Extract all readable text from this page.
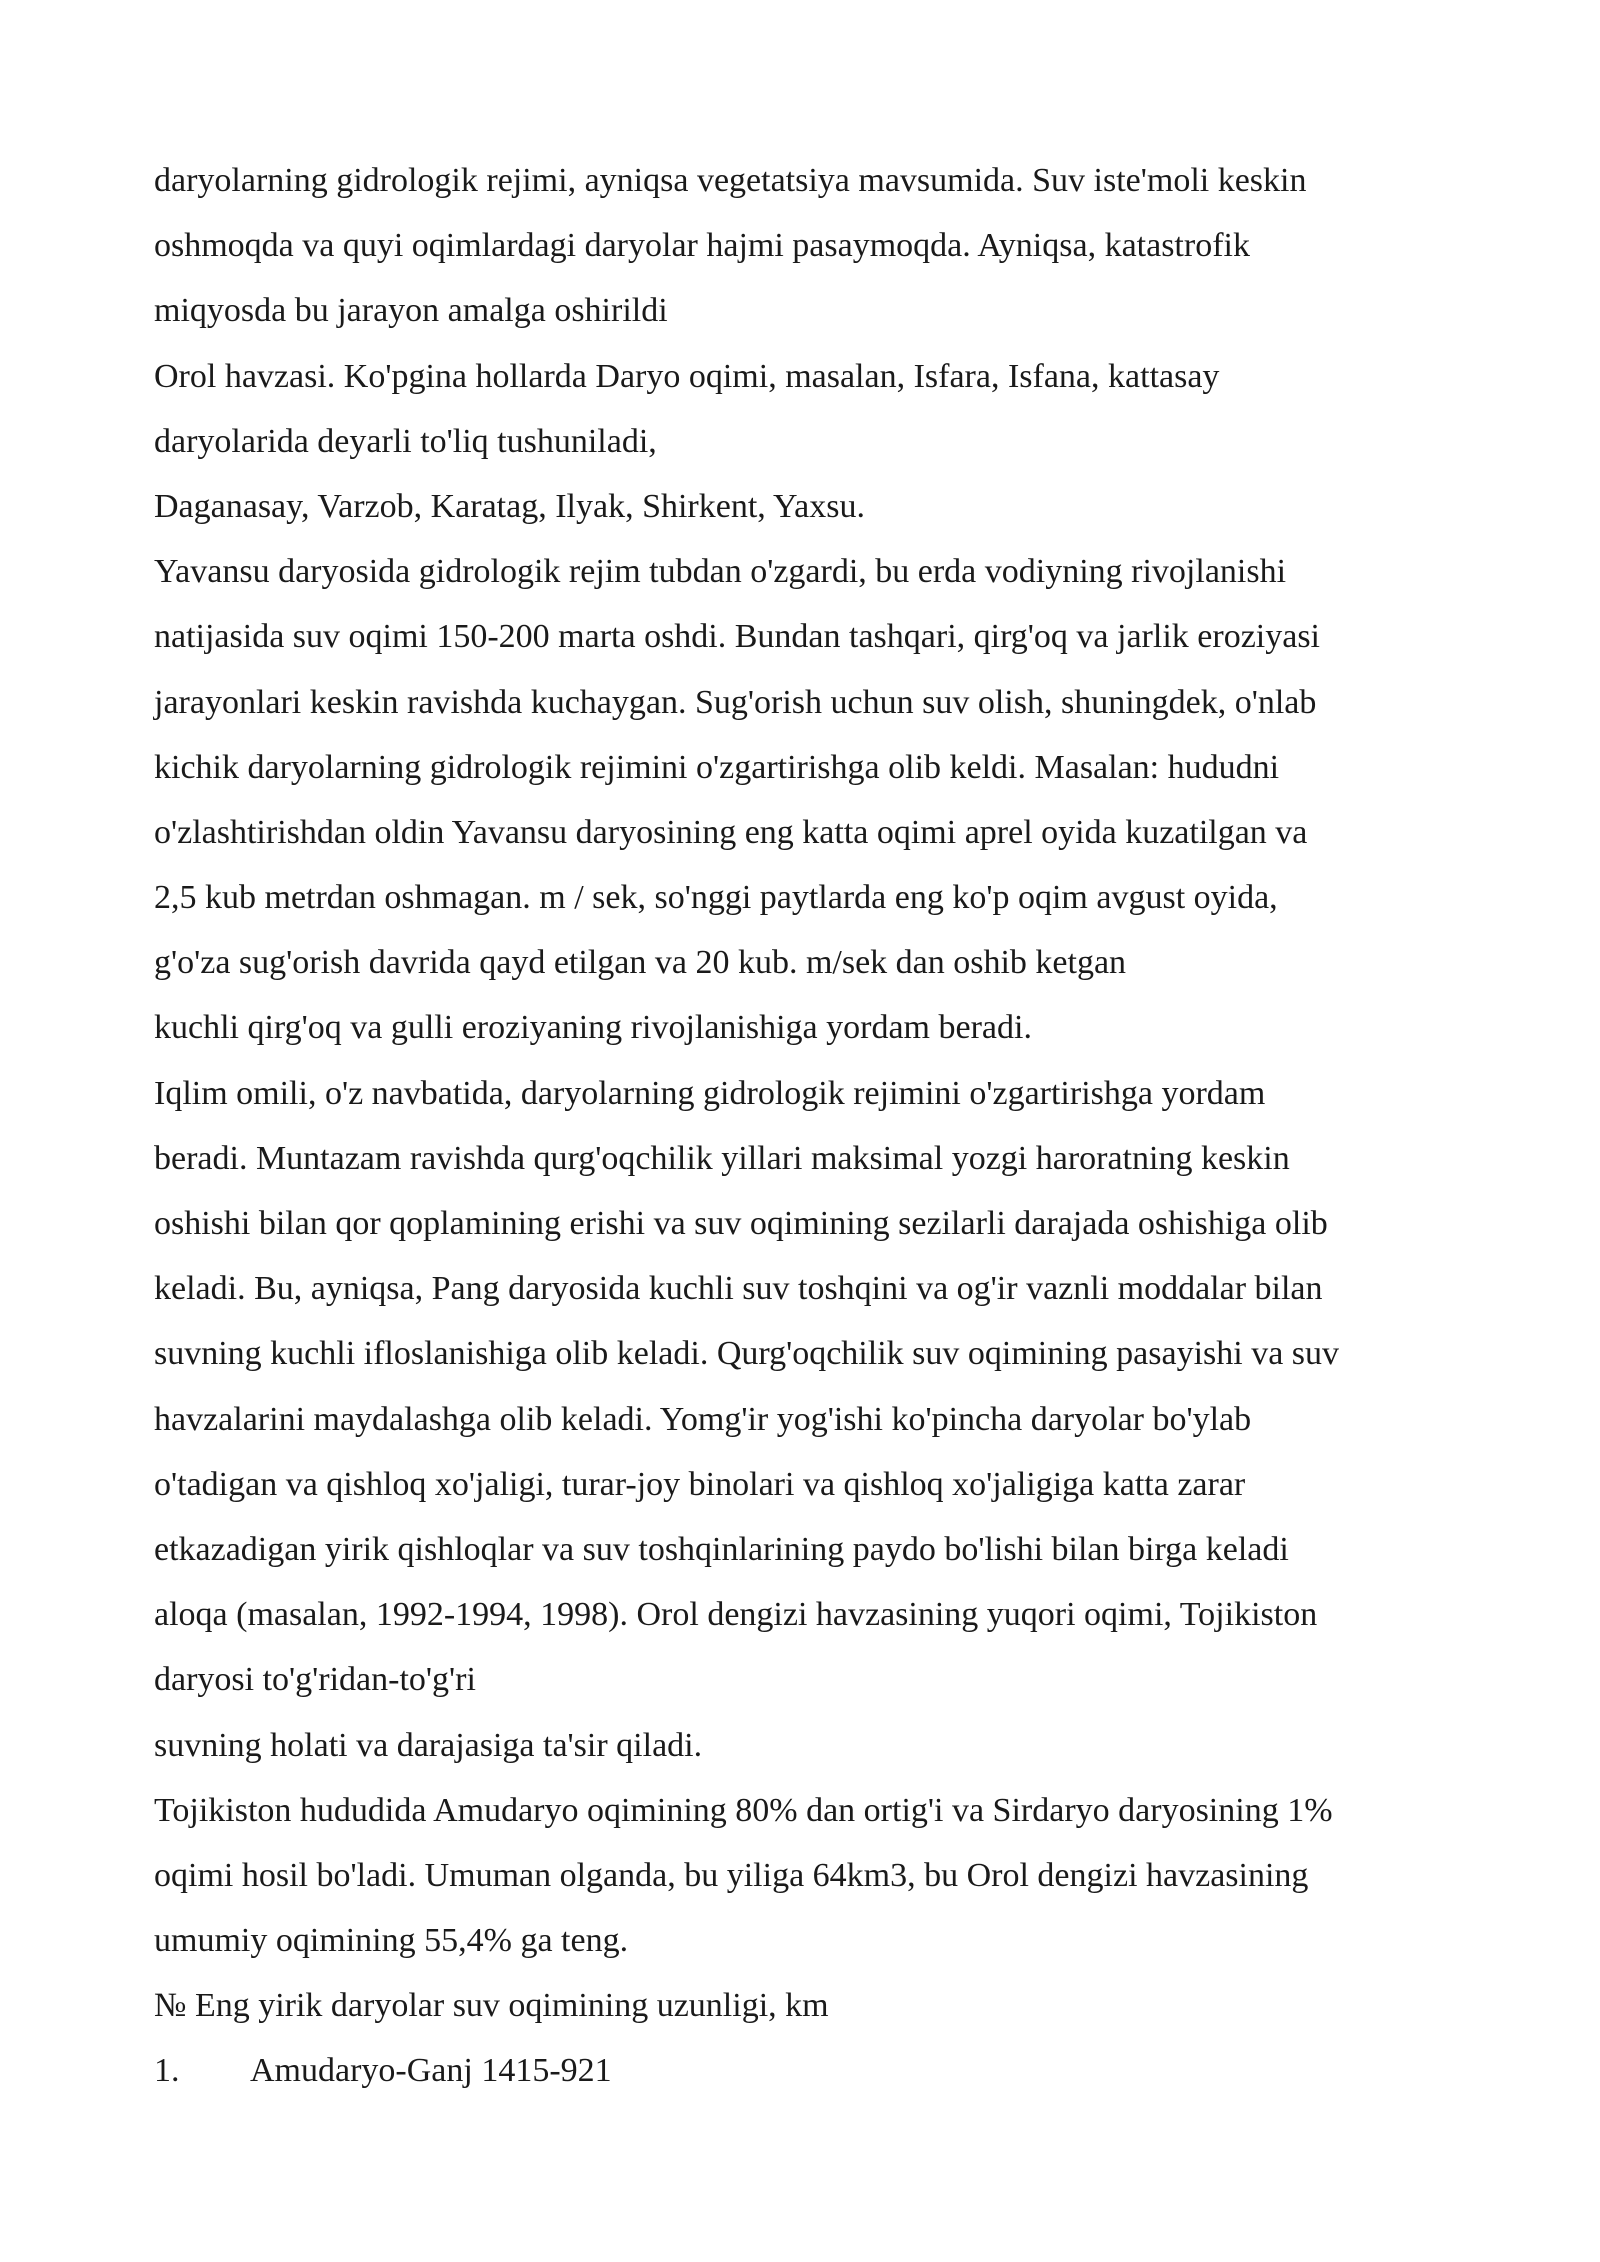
daryolarning gidrologik rejimi, ayniqsa vegetatsiya mavsumida. Suv iste'moli keskin
oshmoqda va quyi oqimlardagi daryolar hajmi pasaymoqda. Ayniqsa, katastrofik
miqyosda bu jarayon amalga oshirildi
Orol havzasi. Ko'pgina hollarda Daryo oqimi, masalan, Isfara, Isfana, kattasay
daryolarida deyarli to'liq tushuniladi,
Daganasay, Varzob, Karatag, Ilyak, Shirkent, Yaxsu.
Yavansu daryosida gidrologik rejim tubdan o'zgardi, bu erda vodiyning rivojlanishi
natijasida suv oqimi 150-200 marta oshdi. Bundan tashqari, qirg'oq va jarlik eroziyasi
jarayonlari keskin ravishda kuchaygan. Sug'orish uchun suv olish, shuningdek, o'nlab
kichik daryolarning gidrologik rejimini o'zgartirishga olib keldi. Masalan: hududni
o'zlashtirishdan oldin Yavansu daryosining eng katta oqimi aprel oyida kuzatilgan va
2,5 kub metrdan oshmagan. m / sek, so'nggi paytlarda eng ko'p oqim avgust oyida,
g'o'za sug'orish davrida qayd etilgan va 20 kub. m/sek dan oshib ketgan
kuchli qirg'oq va gulli eroziyaning rivojlanishiga yordam beradi.
Iqlim omili, o'z navbatida, daryolarning gidrologik rejimini o'zgartirishga yordam
beradi. Muntazam ravishda qurg'oqchilik yillari maksimal yozgi haroratning keskin
oshishi bilan qor qoplamining erishi va suv oqimining sezilarli darajada oshishiga olib
keladi. Bu, ayniqsa, Pang daryosida kuchli suv toshqini va og'ir vaznli moddalar bilan
suvning kuchli ifloslanishiga olib keladi. Qurg'oqchilik suv oqimining pasayishi va suv
havzalarini maydalashga olib keladi. Yomg'ir yog'ishi ko'pincha daryolar bo'ylab
o'tadigan va qishloq xo'jaligi, turar-joy binolari va qishloq xo'jaligiga katta zarar
etkazadigan yirik qishloqlar va suv toshqinlarining paydo bo'lishi bilan birga keladi
aloqa (masalan, 1992-1994, 1998). Orol dengizi havzasining yuqori oqimi, Tojikiston
daryosi to'g'ridan-to'g'ri
suvning holati va darajasiga ta'sir qiladi.
Tojikiston hududida Amudaryo oqimining 80% dan ortig'i va Sirdaryo daryosining 1%
oqimi hosil bo'ladi. Umuman olganda, bu yiliga 64km3, bu Orol dengizi havzasining
umumiy oqimining 55,4% ga teng.
№ Eng yirik daryolar suv oqimining uzunligi, km
1. Amudaryo-Ganj 1415-921
